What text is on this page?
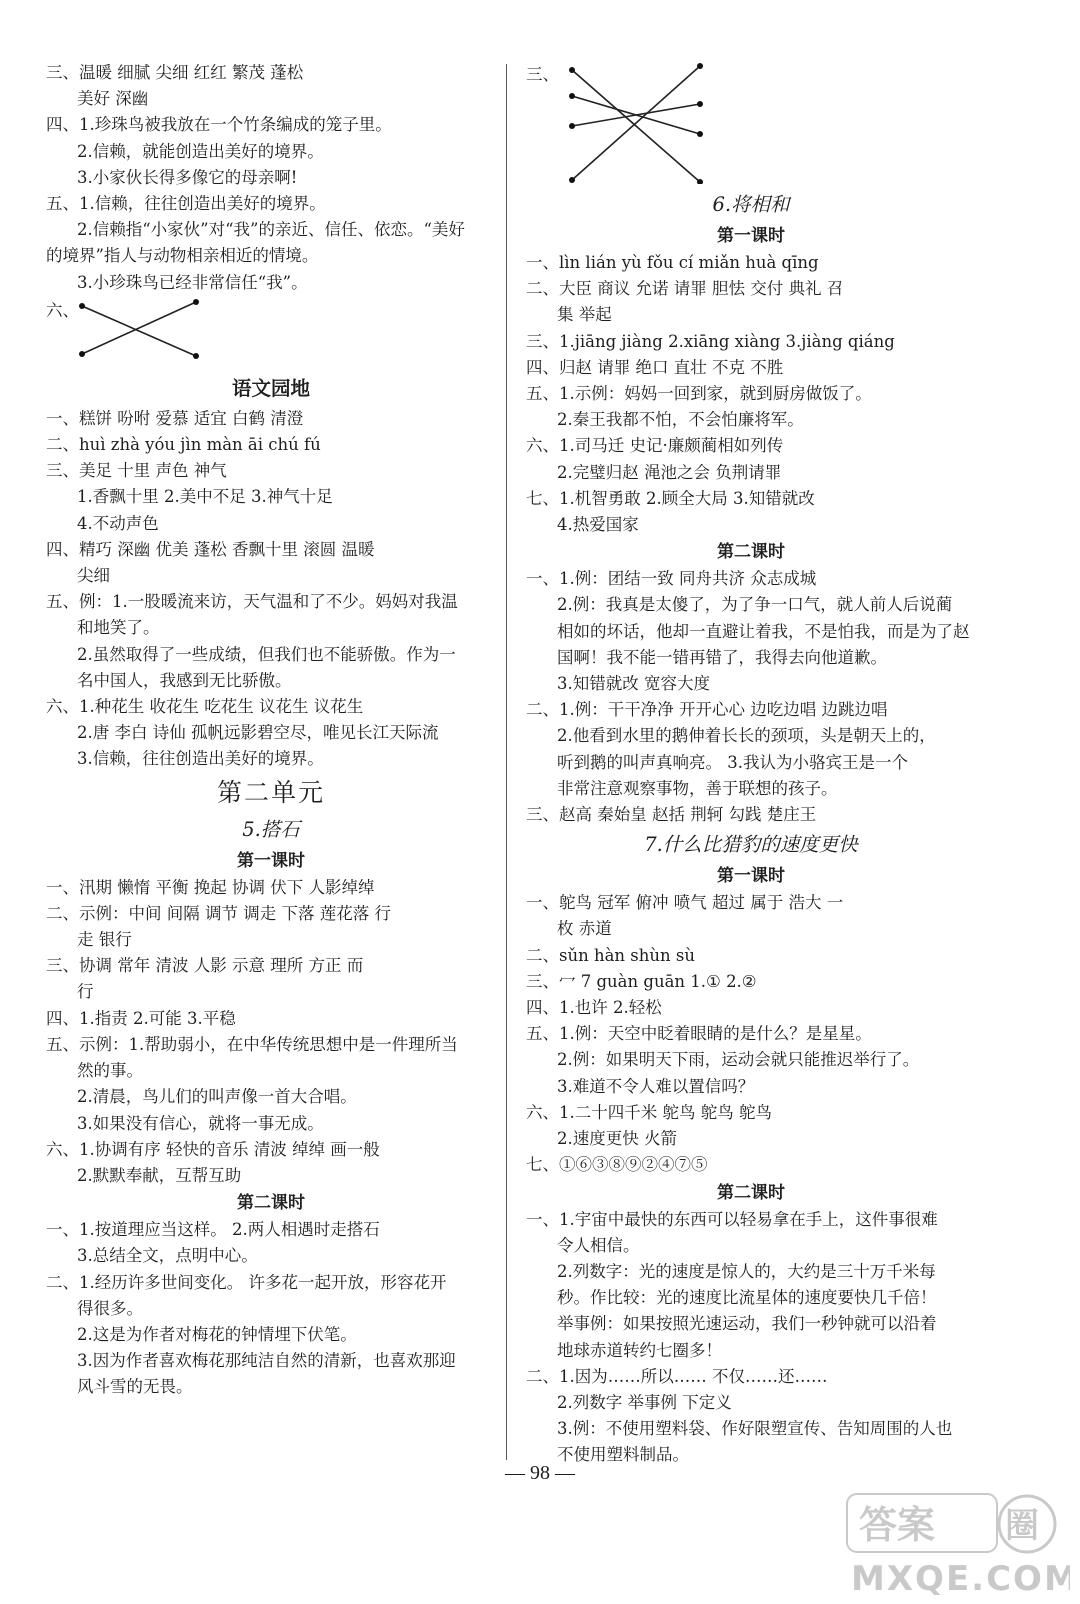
三、温暖 细腻 尖细 红红 繁茂 蓬松
美好 深幽
四、1.珍珠鸟被我放在一个竹条编成的笼子里。
2.信赖，就能创造出美好的境界。
3.小家伙长得多像它的母亲啊!
五、1.信赖，往往创造出美好的境界。
2.信赖指“小家伙”对“我”的亲近、信任、依恋。“美好
的境界”指人与动物相亲相近的情境。
3.小珍珠鸟已经非常信任“我”。
六、
语文园地
一、糕饼 吩咐 爱慕 适宜 白鹤 清澄
二、huì zhà yóu jìn màn āi chú fú
三、美足 十里 声色 神气
1.香飘十里 2.美中不足 3.神气十足
4.不动声色
四、精巧 深幽 优美 蓬松 香飘十里 滚圆 温暖
尖细
五、例：1.一股暖流来访，天气温和了不少。妈妈对我温
和地笑了。
2.虽然取得了一些成绩，但我们也不能骄傲。作为一
名中国人，我感到无比骄傲。
六、1.种花生 收花生 吃花生 议花生 议花生
2.唐 李白 诗仙 孤帆远影碧空尽，唯见长江天际流
3.信赖，往往创造出美好的境界。
第二单元
5.搭石
第一课时
一、汛期 懒惰 平衡 挽起 协调 伏下 人影绰绰
二、示例：中间 间隔 调节 调走 下落 莲花落 行
走 银行
三、协调 常年 清波 人影 示意 理所 方正 而
行
四、1.指责 2.可能 3.平稳
五、示例：1.帮助弱小，在中华传统思想中是一件理所当
然的事。
2.清晨，鸟儿们的叫声像一首大合唱。
3.如果没有信心，就将一事无成。
六、1.协调有序 轻快的音乐 清波 绰绰 画一般
2.默默奉献，互帮互助
第二课时
一、1.按道理应当这样。 2.两人相遇时走搭石
3.总结全文，点明中心。
二、1.经历许多世间变化。 许多花一起开放，形容花开
得很多。
2.这是为作者对梅花的钟情埋下伏笔。
3.因为作者喜欢梅花那纯洁自然的清新，也喜欢那迎
风斗雪的无畏。
三、
6.将相和
第一课时
一、lìn lián yù fǒu cí miǎn huà qīng
二、大臣 商议 允诺 请罪 胆怯 交付 典礼 召
集 举起
三、1.jiāng jiàng 2.xiāng xiàng 3.jiàng qiáng
四、归赵 请罪 绝口 直壮 不克 不胜
五、1.示例：妈妈一回到家，就到厨房做饭了。
2.秦王我都不怕，不会怕廉将军。
六、1.司马迁 史记·廉颇蔺相如列传
2.完璧归赵 渑池之会 负荆请罪
七、1.机智勇敢 2.顾全大局 3.知错就改
4.热爱国家
第二课时
一、1.例：团结一致 同舟共济 众志成城
2.例：我真是太傻了，为了争一口气，就人前人后说蔺
相如的坏话，他却一直避让着我，不是怕我，而是为了赵
国啊！我不能一错再错了，我得去向他道歉。
3.知错就改 宽容大度
二、1.例：干干净净 开开心心 边吃边唱 边跳边唱
2.他看到水里的鹅伸着长长的颈项，头是朝天上的，
听到鹅的叫声真响亮。 3.我认为小骆宾王是一个
非常注意观察事物，善于联想的孩子。
三、赵高 秦始皇 赵括 荆轲 勾践 楚庄王
7.什么比猎豹的速度更快
第一课时
一、鸵鸟 冠军 俯冲 喷气 超过 属于 浩大 一
枚 赤道
二、sǔn hàn shùn sù
三、冖 7 guàn guān 1.① 2.②
四、1.也许 2.轻松
五、1.例：天空中眨着眼睛的是什么？是星星。
2.例：如果明天下雨，运动会就只能推迟举行了。
3.难道不令人难以置信吗？
六、1.二十四千米 鸵鸟 鸵鸟 鸵鸟
2.速度更快 火箭
七、①⑥③⑧⑨②④⑦⑤
第二课时
一、1.宇宙中最快的东西可以轻易拿在手上，这件事很难
令人相信。
2.列数字：光的速度是惊人的，大约是三十万千米每
秒。作比较：光的速度比流星体的速度要快几千倍！
举事例：如果按照光速运动，我们一秒钟就可以沿着
地球赤道转约七圈多！
二、1.因为……所以…… 不仅……还……
2.列数字 举事例 下定义
3.例：不使用塑料袋、作好限塑宣传、告知周围的人也
不使用塑料制品。
— 98 —
答案 圈
MXQE.COM
